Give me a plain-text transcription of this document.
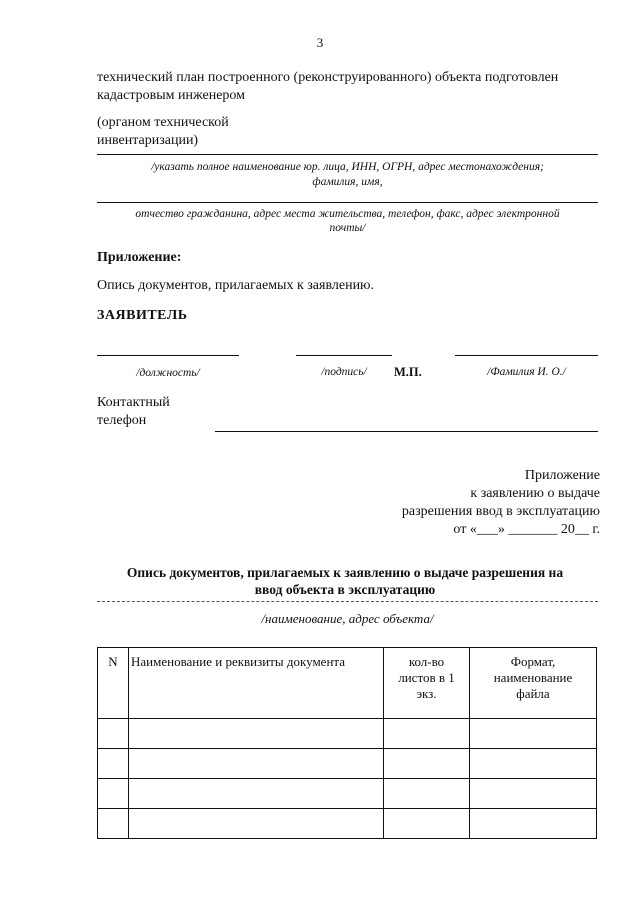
3
технический план построенного (реконструированного) объекта подготовлен
кадастровым инженером
(органом технической
инвентаризации)
/указать полное наименование юр. лица, ИНН, ОГРН, адрес местонахождения;
фамилия, имя,
отчество гражданина, адрес места жительства, телефон, факс, адрес электронной
почты/
Приложение:
Опись документов, прилагаемых к заявлению.
ЗАЯВИТЕЛЬ
/должность/	/подпись/	М.П.	/Фамилия И. О./
Контактный
телефон
Приложение
к заявлению о выдаче
разрешения ввод в эксплуатацию
от «___» _______ 20__ г.
Опись документов, прилагаемых к заявлению о выдаче разрешения на
ввод объекта в эксплуатацию
/наименование, адрес объекта/
N	Наименование и реквизиты документа	кол-во листов в 1 экз.	Формат, наименование файла
